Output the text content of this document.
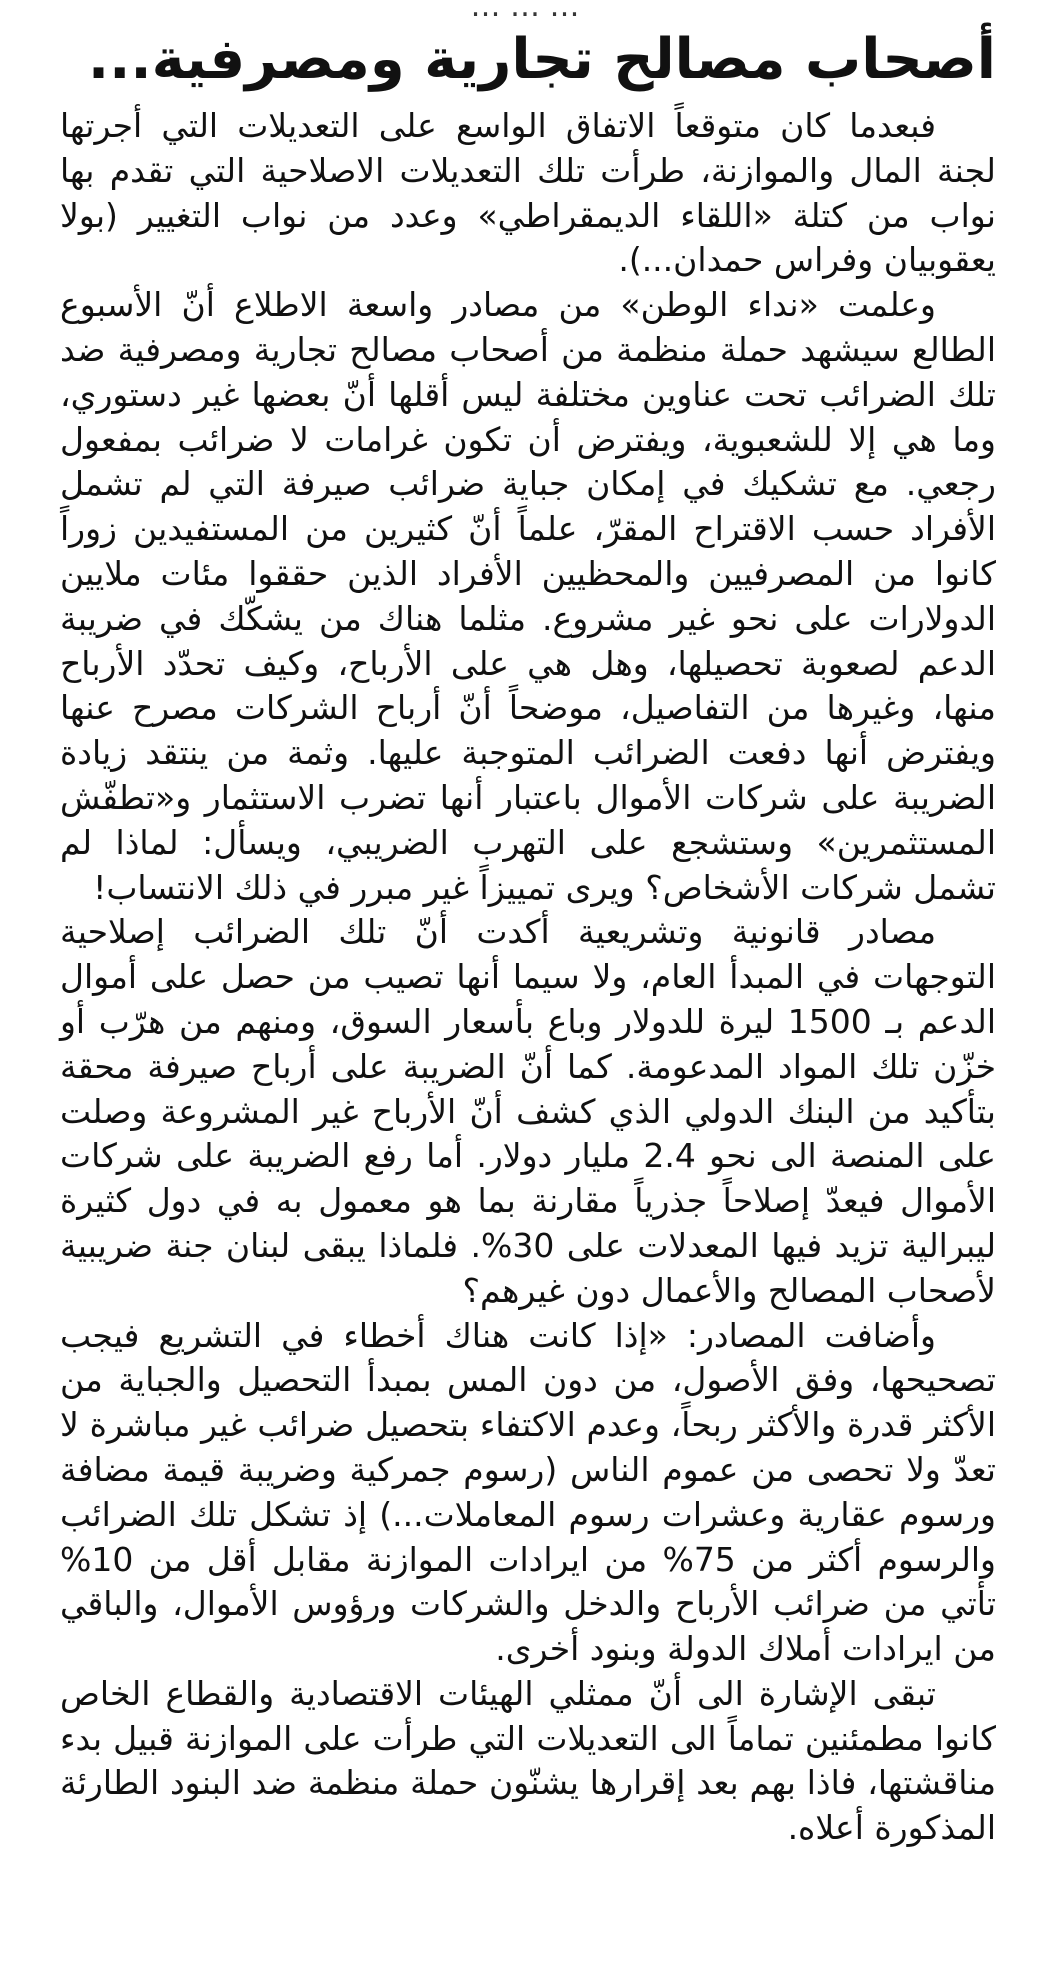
… … …
أصحاب مصالح تجارية ومصرفية...

فبعدما كان متوقعاً الاتفاق الواسع على التعديلات التي أجرتها لجنة المال والموازنة، طرأت تلك التعديلات الاصلاحية التي تقدم بها نواب من كتلة «اللقاء الديمقراطي» وعدد من نواب التغيير (بولا يعقوبيان وفراس حمدان...).

وعلمت «نداء الوطن» من مصادر واسعة الاطلاع أنّ الأسبوع الطالع سيشهد حملة منظمة من أصحاب مصالح تجارية ومصرفية ضد تلك الضرائب تحت عناوين مختلفة ليس أقلها أنّ بعضها غير دستوري، وما هي إلا للشعبوية، ويفترض أن تكون غرامات لا ضرائب بمفعول رجعي. مع تشكيك في إمكان جباية ضرائب صيرفة التي لم تشمل الأفراد حسب الاقتراح المقرّ، علماً أنّ كثيرين من المستفيدين زوراً كانوا من المصرفيين والمحظيين الأفراد الذين حققوا مئات ملايين الدولارات على نحو غير مشروع. مثلما هناك من يشكّك في ضريبة الدعم لصعوبة تحصيلها، وهل هي على الأرباح، وكيف تحدّد الأرباح منها، وغيرها من التفاصيل، موضحاً أنّ أرباح الشركات مصرح عنها ويفترض أنها دفعت الضرائب المتوجبة عليها. وثمة من ينتقد زيادة الضريبة على شركات الأموال باعتبار أنها تضرب الاستثمار و«تطفّش المستثمرين» وستشجع على التهرب الضريبي، ويسأل: لماذا لم تشمل شركات الأشخاص؟ ويرى تمييزاً غير مبرر في ذلك الانتساب!

مصادر قانونية وتشريعية أكدت أنّ تلك الضرائب إصلاحية التوجهات في المبدأ العام، ولا سيما أنها تصيب من حصل على أموال الدعم بـ 1500 ليرة للدولار وباع بأسعار السوق، ومنهم من هرّب أو خزّن تلك المواد المدعومة. كما أنّ الضريبة على أرباح صيرفة محقة بتأكيد من البنك الدولي الذي كشف أنّ الأرباح غير المشروعة وصلت على المنصة الى نحو 2.4 مليار دولار. أما رفع الضريبة على شركات الأموال فيعدّ إصلاحاً جذرياً مقارنة بما هو معمول به في دول كثيرة ليبرالية تزيد فيها المعدلات على 30%. فلماذا يبقى لبنان جنة ضريبية لأصحاب المصالح والأعمال دون غيرهم؟

وأضافت المصادر: «إذا كانت هناك أخطاء في التشريع فيجب تصحيحها، وفق الأصول، من دون المس بمبدأ التحصيل والجباية من الأكثر قدرة والأكثر ربحاً، وعدم الاكتفاء بتحصيل ضرائب غير مباشرة لا تعدّ ولا تحصى من عموم الناس (رسوم جمركية وضريبة قيمة مضافة ورسوم عقارية وعشرات رسوم المعاملات...) إذ تشكل تلك الضرائب والرسوم أكثر من 75% من ايرادات الموازنة مقابل أقل من 10% تأتي من ضرائب الأرباح والدخل والشركات ورؤوس الأموال، والباقي من ايرادات أملاك الدولة وبنود أخرى.

تبقى الإشارة الى أنّ ممثلي الهيئات الاقتصادية والقطاع الخاص كانوا مطمئنين تماماً الى التعديلات التي طرأت على الموازنة قبيل بدء مناقشتها، فاذا بهم بعد إقرارها يشنّون حملة منظمة ضد البنود الطارئة المذكورة أعلاه.
